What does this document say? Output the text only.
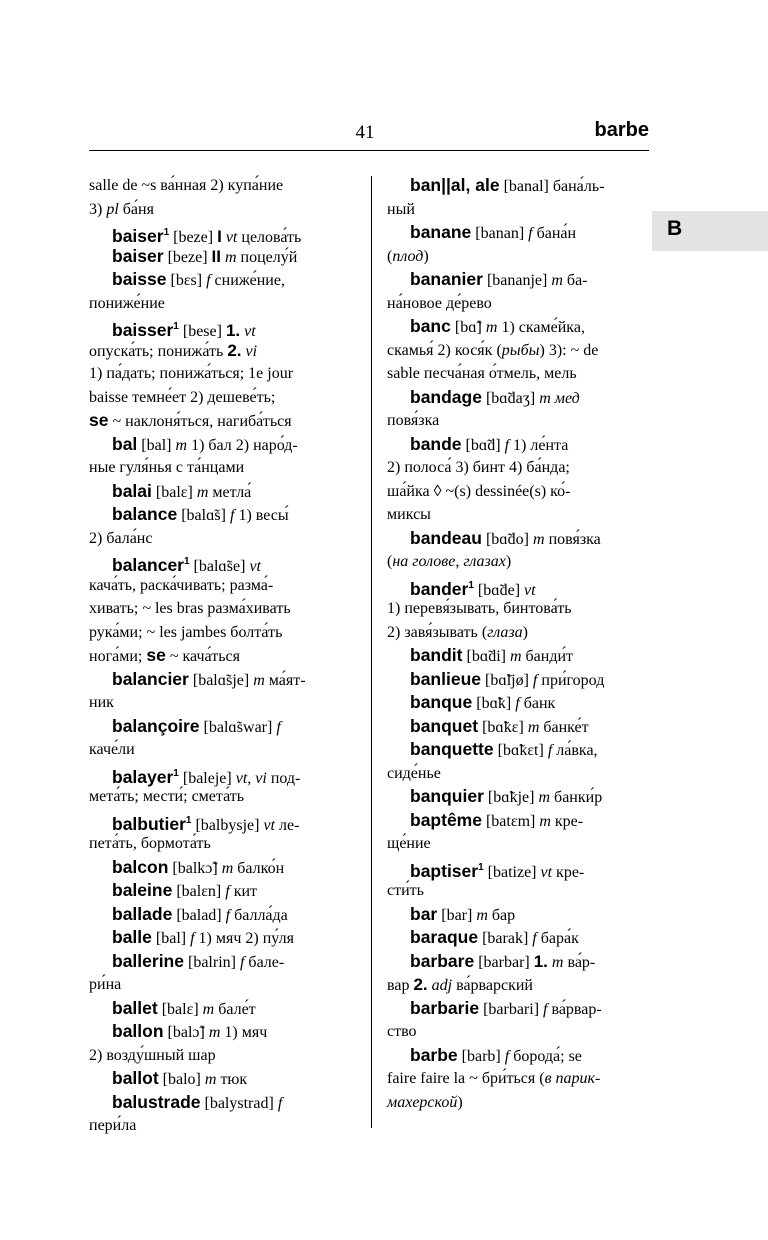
41	barbe
B
salle de ~s ва́нная 2) купа́ние
3) pl ба́ня
baiser$^1$ [beze] I vt целова́ть
baiser [beze] II m поцелу́й
baisse [bɛs] f сниже́ние,
пониже́ние
baisser$^1$ [bese] 1. vt
опуска́ть; понижа́ть 2. vi
1) па́дать; понижа́ться; 1e jour
baisse темне́ет 2) дешеве́ть;
se ~ наклоня́ться, нагиба́ться
bal [bal] m 1) бал 2) наро́д-
ные гуля́нья с та́нцами
balai [balɛ] m метла́
balance [balɑ̃s] f 1) весы́
2) бала́нс
balancer$^1$ [balɑ̃se] vt
кача́ть, раска́чивать; разма́-
хивать; ~ les bras разма́хивать
рука́ми; ~ les jambes болта́ть
нога́ми; se ~ кача́ться
balancier [balɑ̃sje] m ма́ят-
ник
balançoire [balɑ̃swar] f
каче́ли
balayer$^1$ [baleje] vt, vi под-
мета́ть; мести́; смета́ть
balbutier$^1$ [balbysje] vt ле-
пета́ть, бормота́ть
balcon [balkɔ̃] m балко́н
baleine [balɛn] f кит
ballade [balad] f балла́да
balle [bal] f 1) мяч 2) пу́ля
ballerine [balrin] f бале-
ри́на
ballet [balɛ] m бале́т
ballon [balɔ̃] m 1) мяч
2) возду́шный шар
ballot [balo] m тюк
balustrade [balystrad] f
пери́ла
ban||al, ale [banal] бана́ль-
ный
banane [banan] f бана́н
(плод)
bananier [bananje] m ба-
на́новое де́рево
banc [bɑ̃] m 1) скаме́йка,
скамья́ 2) кося́к (рыбы) 3): ~ de
sable песча́ная о́тмель, мель
bandage [bɑ̃daʒ] m мед
повя́зка
bande [bɑ̃d] f 1) ле́нта
2) полоса́ 3) бинт 4) ба́нда;
ша́йка ◊ ~(s) dessinée(s) ко́-
миксы
bandeau [bɑ̃do] m повя́зка
(на голове, глазах)
bander$^1$ [bɑ̃de] vt
1) перевя́зывать, бинтова́ть
2) завя́зывать (глаза)
bandit [bɑ̃di] m банди́т
banlieue [bɑ̃ljø] f при́город
banque [bɑ̃k] f банк
banquet [bɑ̃kɛ] m банке́т
banquette [bɑ̃kɛt] f ла́вка,
сиде́нье
banquier [bɑ̃kje] m банки́р
baptême [batɛm] m кре-
ще́ние
baptiser$^1$ [batize] vt кре-
сти́ть
bar [bar] m бар
baraque [barak] f бара́к
barbare [barbar] 1. m ва́р-
вар 2. adj ва́рварский
barbarie [barbari] f ва́рвар-
ство
barbe [barb] f борода́; se
faire faire la ~ бри́ться (в парик-
махерской)
